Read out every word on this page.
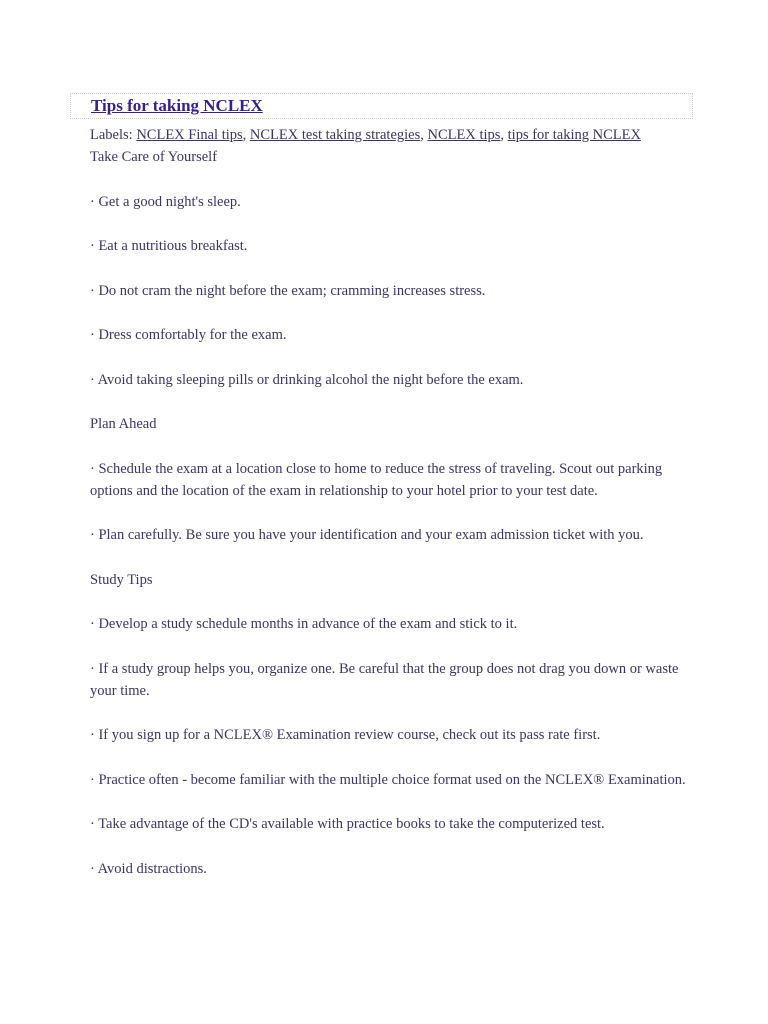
Tips for taking NCLEX
Labels: NCLEX Final tips, NCLEX test taking strategies, NCLEX tips, tips for taking NCLEX

Take Care of Yourself

· Get a good night's sleep.

· Eat a nutritious breakfast.

· Do not cram the night before the exam; cramming increases stress.

· Dress comfortably for the exam.

· Avoid taking sleeping pills or drinking alcohol the night before the exam.

Plan Ahead

· Schedule the exam at a location close to home to reduce the stress of traveling. Scout out parking options and the location of the exam in relationship to your hotel prior to your test date.

· Plan carefully. Be sure you have your identification and your exam admission ticket with you.

Study Tips

· Develop a study schedule months in advance of the exam and stick to it.

· If a study group helps you, organize one. Be careful that the group does not drag you down or waste your time.

· If you sign up for a NCLEX® Examination review course, check out its pass rate first.

· Practice often - become familiar with the multiple choice format used on the NCLEX® Examination.

· Take advantage of the CD's available with practice books to take the computerized test.

· Avoid distractions.
